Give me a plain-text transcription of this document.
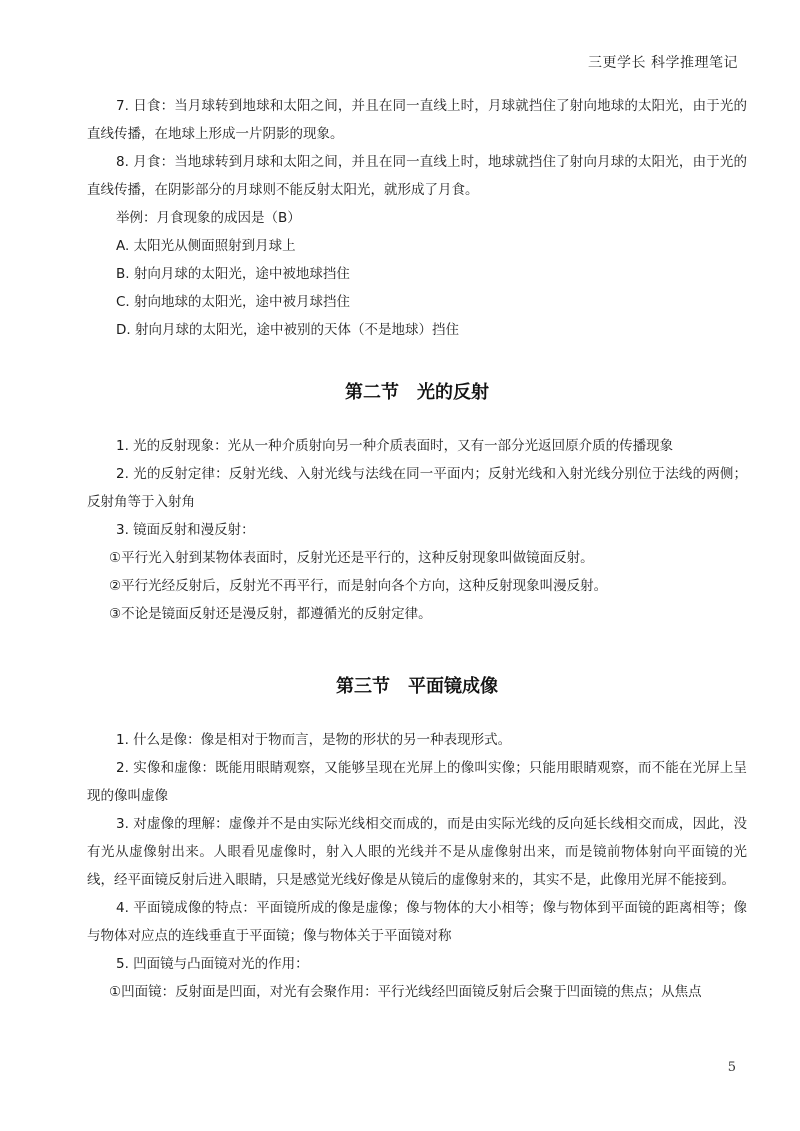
三更学长 科学推理笔记

7. 日食：当月球转到地球和太阳之间，并且在同一直线上时，月球就挡住了射向地球的太阳光，由于光的直线传播，在地球上形成一片阴影的现象。

8. 月食：当地球转到月球和太阳之间，并且在同一直线上时，地球就挡住了射向月球的太阳光，由于光的直线传播，在阴影部分的月球则不能反射太阳光，就形成了月食。

举例：月食现象的成因是（B）

A. 太阳光从侧面照射到月球上

B. 射向月球的太阳光，途中被地球挡住

C. 射向地球的太阳光，途中被月球挡住

D. 射向月球的太阳光，途中被别的天体（不是地球）挡住

第二节　光的反射

1. 光的反射现象：光从一种介质射向另一种介质表面时，又有一部分光返回原介质的传播现象

2. 光的反射定律：反射光线、入射光线与法线在同一平面内；反射光线和入射光线分别位于法线的两侧；反射角等于入射角

3. 镜面反射和漫反射：

①平行光入射到某物体表面时，反射光还是平行的，这种反射现象叫做镜面反射。

②平行光经反射后，反射光不再平行，而是射向各个方向，这种反射现象叫漫反射。

③不论是镜面反射还是漫反射，都遵循光的反射定律。

第三节　平面镜成像

1. 什么是像：像是相对于物而言，是物的形状的另一种表现形式。

2. 实像和虚像：既能用眼睛观察，又能够呈现在光屏上的像叫实像；只能用眼睛观察，而不能在光屏上呈现的像叫虚像

3. 对虚像的理解：虚像并不是由实际光线相交而成的，而是由实际光线的反向延长线相交而成，因此，没有光从虚像射出来。人眼看见虚像时，射入人眼的光线并不是从虚像射出来，而是镜前物体射向平面镜的光线，经平面镜反射后进入眼睛，只是感觉光线好像是从镜后的虚像射来的，其实不是，此像用光屏不能接到。

4. 平面镜成像的特点：平面镜所成的像是虚像；像与物体的大小相等；像与物体到平面镜的距离相等；像与物体对应点的连线垂直于平面镜；像与物体关于平面镜对称

5. 凹面镜与凸面镜对光的作用：

①凹面镜：反射面是凹面，对光有会聚作用：平行光线经凹面镜反射后会聚于凹面镜的焦点；从焦点

5
